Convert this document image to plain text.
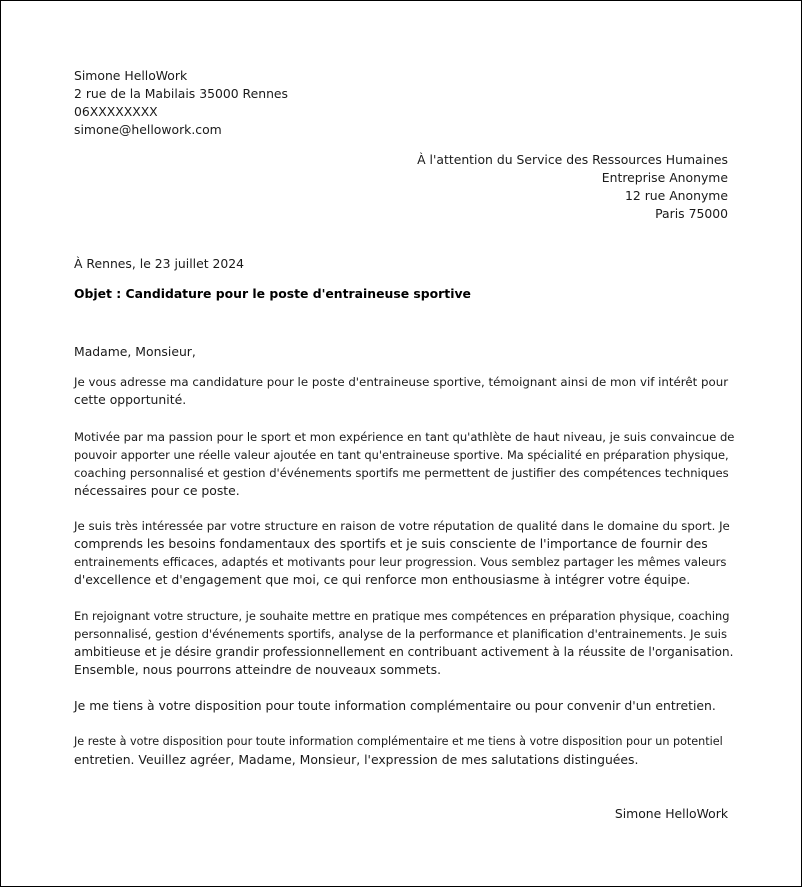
Simone HelloWork
2 rue de la Mabilais 35000 Rennes
06XXXXXXXX
simone@hellowork.com
À l'attention du Service des Ressources Humaines
Entreprise Anonyme
12 rue Anonyme
Paris 75000
À Rennes, le 23 juillet 2024
Objet : Candidature pour le poste d'entraineuse sportive
Madame, Monsieur,
Je vous adresse ma candidature pour le poste d'entraineuse sportive, témoignant ainsi de mon vif intérêt pour
cette opportunité.
Motivée par ma passion pour le sport et mon expérience en tant qu'athlète de haut niveau, je suis convaincue de
pouvoir apporter une réelle valeur ajoutée en tant qu'entraineuse sportive. Ma spécialité en préparation physique,
coaching personnalisé et gestion d'événements sportifs me permettent de justifier des compétences techniques
nécessaires pour ce poste.
Je suis très intéressée par votre structure en raison de votre réputation de qualité dans le domaine du sport. Je
comprends les besoins fondamentaux des sportifs et je suis consciente de l'importance de fournir des
entrainements efficaces, adaptés et motivants pour leur progression. Vous semblez partager les mêmes valeurs
d'excellence et d'engagement que moi, ce qui renforce mon enthousiasme à intégrer votre équipe.
En rejoignant votre structure, je souhaite mettre en pratique mes compétences en préparation physique, coaching
personnalisé, gestion d'événements sportifs, analyse de la performance et planification d'entrainements. Je suis
ambitieuse et je désire grandir professionnellement en contribuant activement à la réussite de l'organisation.
Ensemble, nous pourrons atteindre de nouveaux sommets.
Je me tiens à votre disposition pour toute information complémentaire ou pour convenir d'un entretien.
Je reste à votre disposition pour toute information complémentaire et me tiens à votre disposition pour un potentiel
entretien. Veuillez agréer, Madame, Monsieur, l'expression de mes salutations distinguées.
Simone HelloWork
